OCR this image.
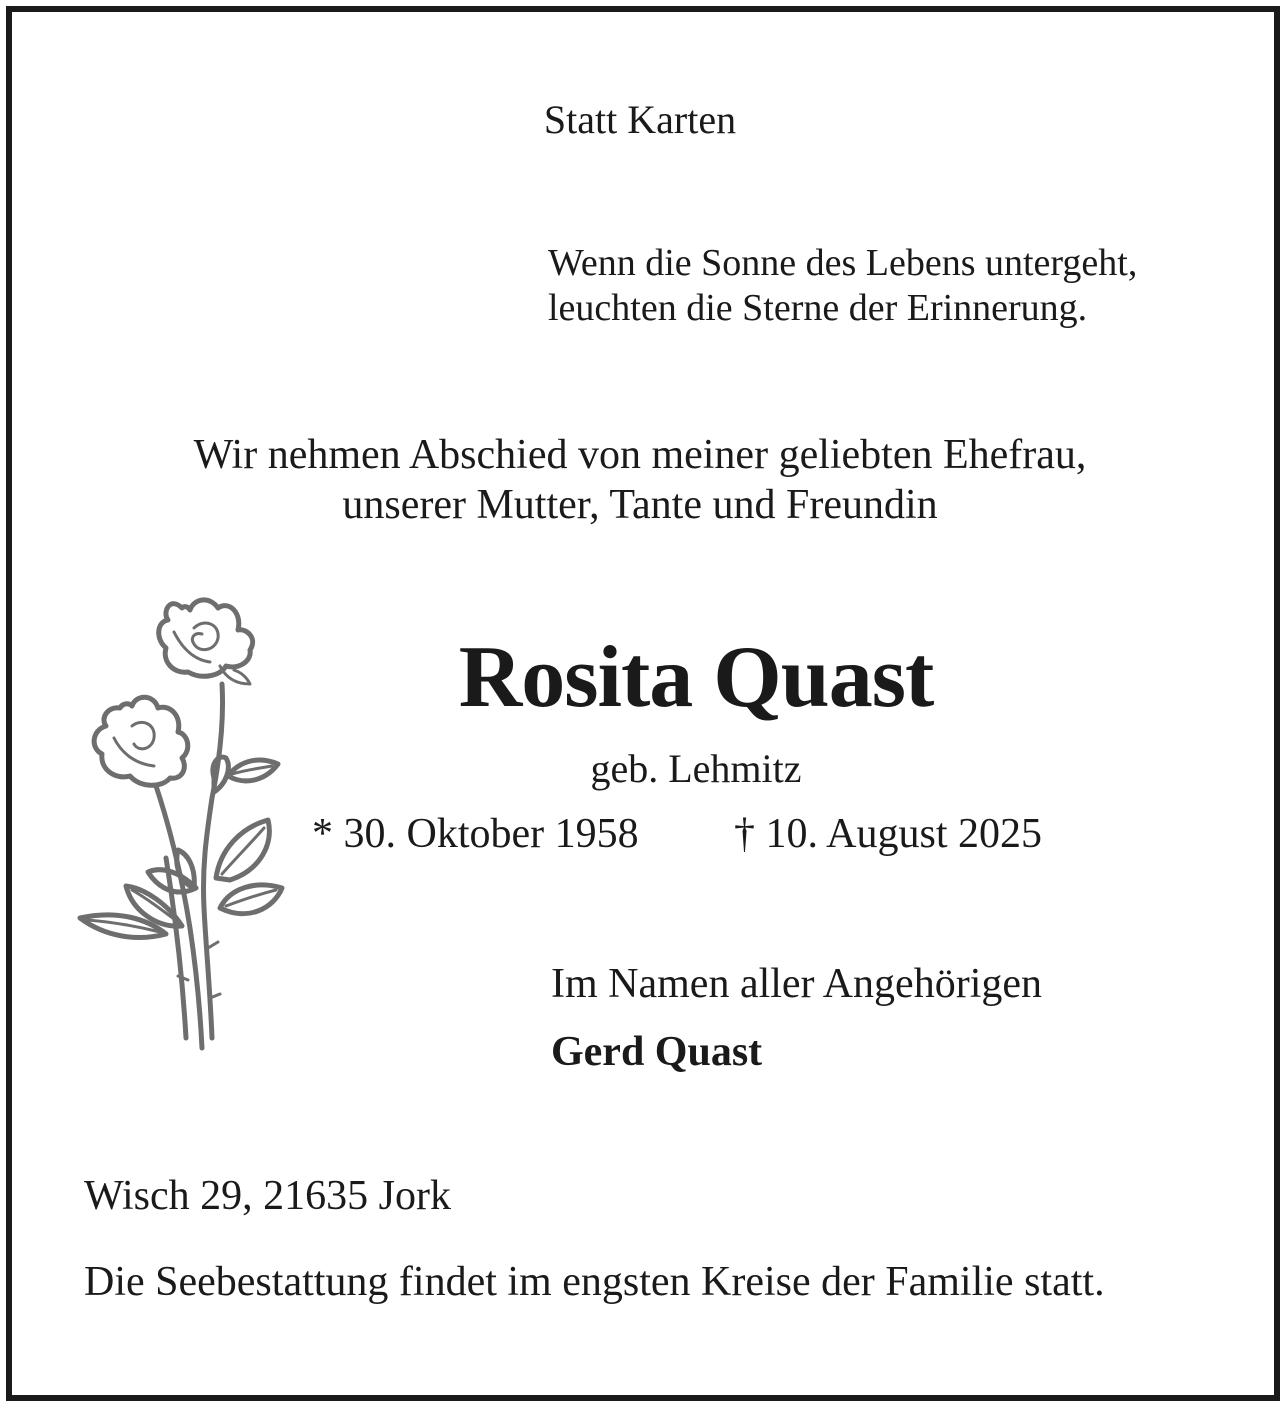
Statt Karten

Wenn die Sonne des Lebens untergeht,

leuchten die Sterne der Erinnerung.

Wir nehmen Abschied von meiner geliebten Ehefrau,

unserer Mutter, Tante und Freundin

Rosita Quast

geb. Lehmitz

* 30. Oktober 1958 † 10. August 2025

Im Namen aller Angehörigen

Gerd Quast

Wisch 29, 21635 Jork

Die Seebestattung findet im engsten Kreise der Familie statt.
